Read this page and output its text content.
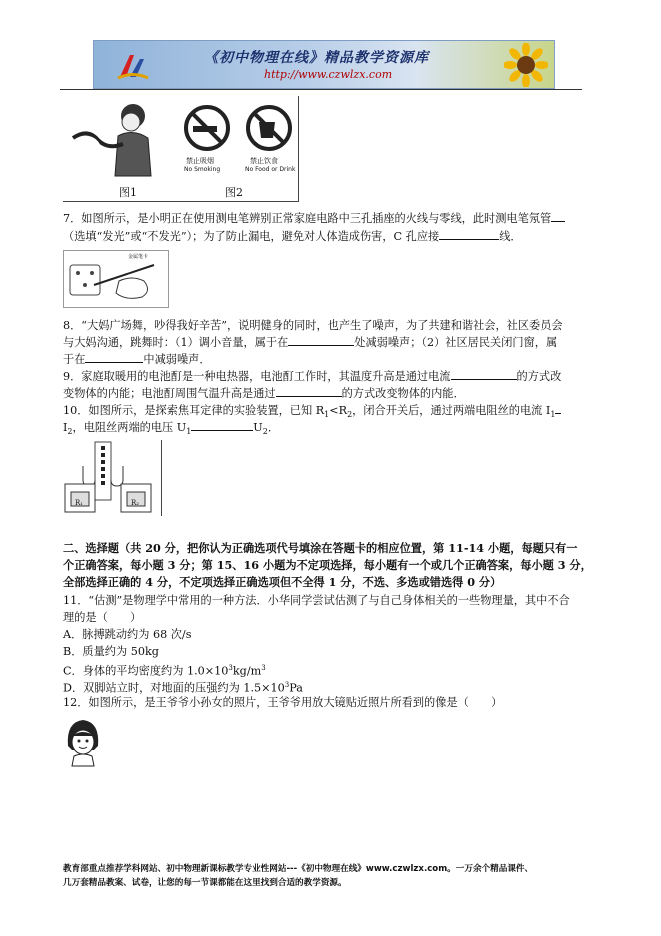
《初中物理在线》精品教学资源库
http://www.czwlzx.com
禁止吸烟
No Smoking
禁止饮食
No Food or Drink
图1	图2
7．如图所示，是小明正在使用测电笔辨别正常家庭电路中三孔插座的火线与零线，此时测电笔氖管
（选填“发光”或“不发光”）；为了防止漏电，避免对人体造成伤害，C 孔应接	线．
金属笔卡
8．“大妈广场舞，吵得我好辛苦”，说明健身的同时，也产生了噪声，为了共建和谐社会，社区委员会
与大妈沟通，跳舞时：（1）调小音量，属于在	处减弱噪声；（2）社区居民关闭门窗，属
于在	中减弱噪声．
9．家庭取暖用的电池酊是一种电热器，电池酊工作时，其温度升高是通过电流	的方式改
变物体的内能；电池酊周围气温升高是通过	的方式改变物体的内能．
10．如图所示，是探索焦耳定律的实验装置，已知 $R_1<R_2$，闭合开关后，通过两端电阻丝的电流 $I_1$
$I_2$，电阻丝两端的电压 $U_1$	$U_2$．
R₁	R₂
二、选择题（共 20 分，把你认为正确选项代号填涂在答题卡的相应位置，第 11-14 小题，每题只有一
个正确答案，每小题 3 分；第 15、16 小题为不定项选择，每小题有一个或几个正确答案，每小题 3 分，
全部选择正确的 4 分，不定项选择正确选项但不全得 1 分，不选、多选或错选得 0 分）
11．“估测”是物理学中常用的一种方法．小华同学尝试估测了与自己身体相关的一些物理量，其中不合
理的是（　　）
A．脉搏跳动约为 68 次/s
B．质量约为 50kg
C．身体的平均密度约为 $1.0\times 10^3kg/m^3$
D．双脚站立时，对地面的压强约为 $1.5\times 10^3Pa$
12．如图所示，是王爷爷小孙女的照片，王爷爷用放大镜贴近照片所看到的像是（　　）
教育部重点推荐学科网站、初中物理新课标教学专业性网站---《初中物理在线》www.czwlzx.com。一万余个精品课件、
几万套精品教案、试卷，让您的每一节课都能在这里找到合适的教学资源。
